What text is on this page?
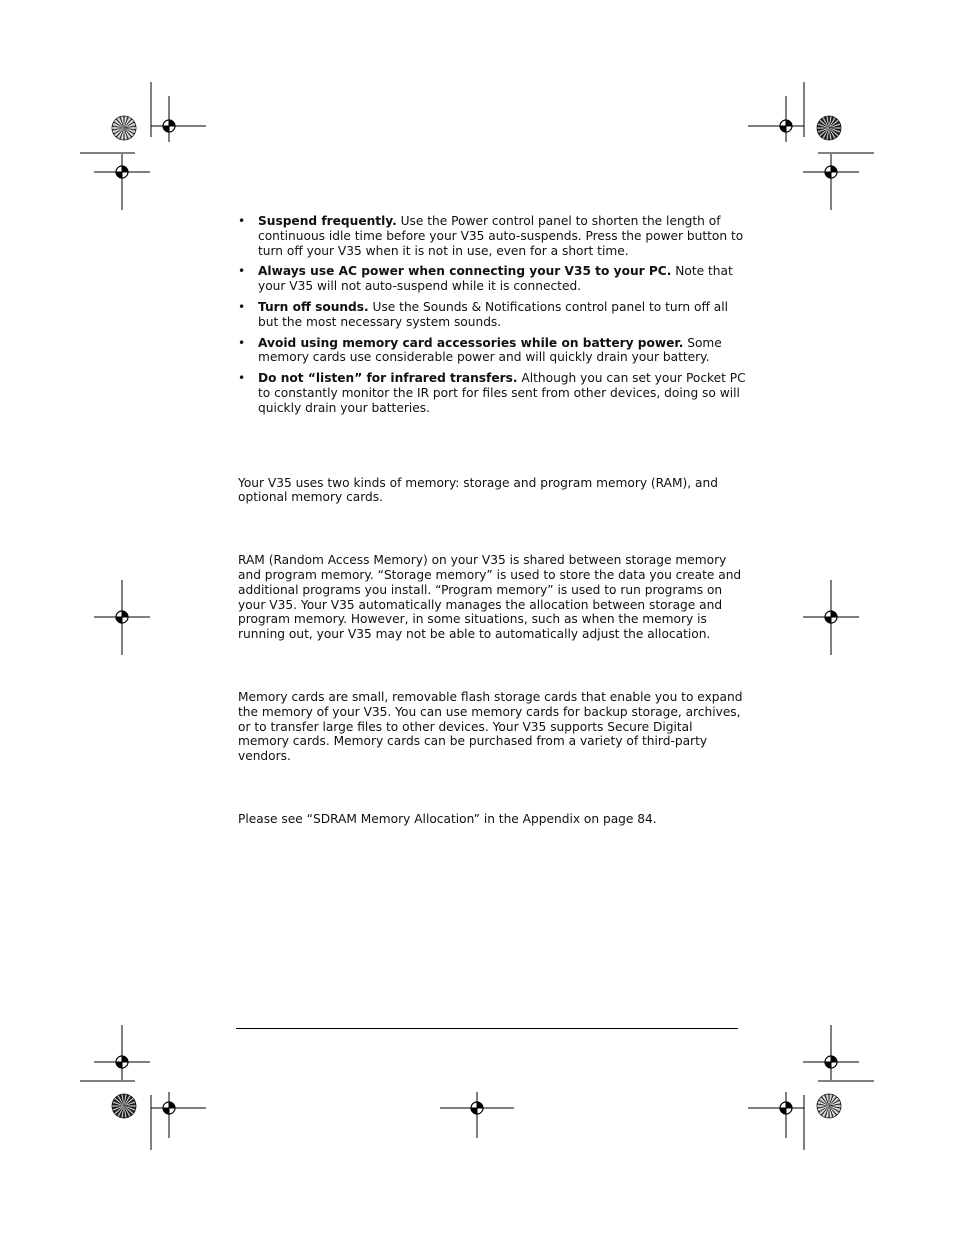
• Suspend frequently. Use the Power control panel to shorten the length of continuous idle time before your V35 auto-suspends. Press the power button to turn off your V35 when it is not in use, even for a short time.
• Always use AC power when connecting your V35 to your PC. Note that your V35 will not auto-suspend while it is connected.
• Turn off sounds. Use the Sounds & Notifications control panel to turn off all but the most necessary system sounds.
• Avoid using memory card accessories while on battery power. Some memory cards use considerable power and will quickly drain your battery.
• Do not “listen” for infrared transfers. Although you can set your Pocket PC to constantly monitor the IR port for files sent from other devices, doing so will quickly drain your batteries.

Your V35 uses two kinds of memory: storage and program memory (RAM), and optional memory cards.

RAM (Random Access Memory) on your V35 is shared between storage memory and program memory. “Storage memory” is used to store the data you create and additional programs you install. “Program memory” is used to run programs on your V35. Your V35 automatically manages the allocation between storage and program memory. However, in some situations, such as when the memory is running out, your V35 may not be able to automatically adjust the allocation.

Memory cards are small, removable flash storage cards that enable you to expand the memory of your V35. You can use memory cards for backup storage, archives, or to transfer large files to other devices. Your V35 supports Secure Digital memory cards. Memory cards can be purchased from a variety of third-party vendors.

Please see “SDRAM Memory Allocation” in the Appendix on page 84.
